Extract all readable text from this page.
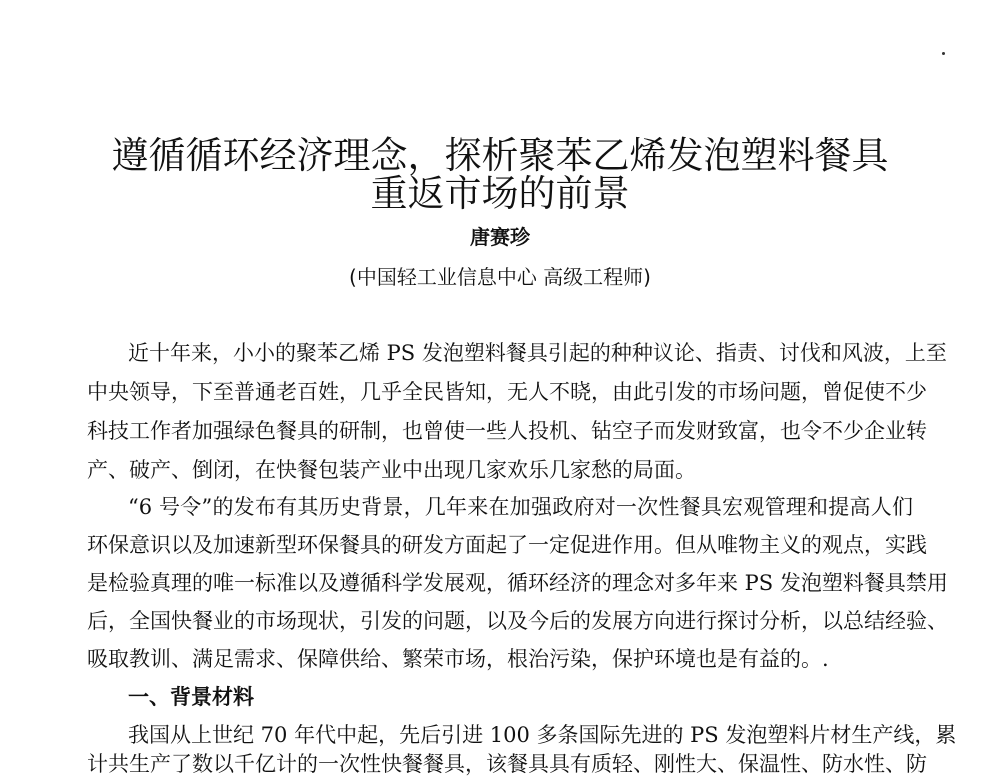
遵循循环经济理念，探析聚苯乙烯发泡塑料餐具
重返市场的前景
唐赛珍
(中国轻工业信息中心 高级工程师)
近十年来，小小的聚苯乙烯 PS 发泡塑料餐具引起的种种议论、指责、讨伐和风波，上至
中央领导，下至普通老百姓，几乎全民皆知，无人不晓，由此引发的市场问题，曾促使不少
科技工作者加强绿色餐具的研制，也曾使一些人投机、钻空子而发财致富，也令不少企业转
产、破产、倒闭，在快餐包装产业中出现几家欢乐几家愁的局面。
“6 号令”的发布有其历史背景，几年来在加强政府对一次性餐具宏观管理和提高人们
环保意识以及加速新型环保餐具的研发方面起了一定促进作用。但从唯物主义的观点，实践
是检验真理的唯一标准以及遵循科学发展观，循环经济的理念对多年来 PS 发泡塑料餐具禁用
后，全国快餐业的市场现状，引发的问题，以及今后的发展方向进行探讨分析，以总结经验、
吸取教训、满足需求、保障供给、繁荣市场，根治污染，保护环境也是有益的。.
一、背景材料
我国从上世纪 70 年代中起，先后引进 100 多条国际先进的 PS 发泡塑料片材生产线，累
计共生产了数以千亿计的一次性快餐餐具，该餐具具有质轻、刚性大、保温性、防水性、防
